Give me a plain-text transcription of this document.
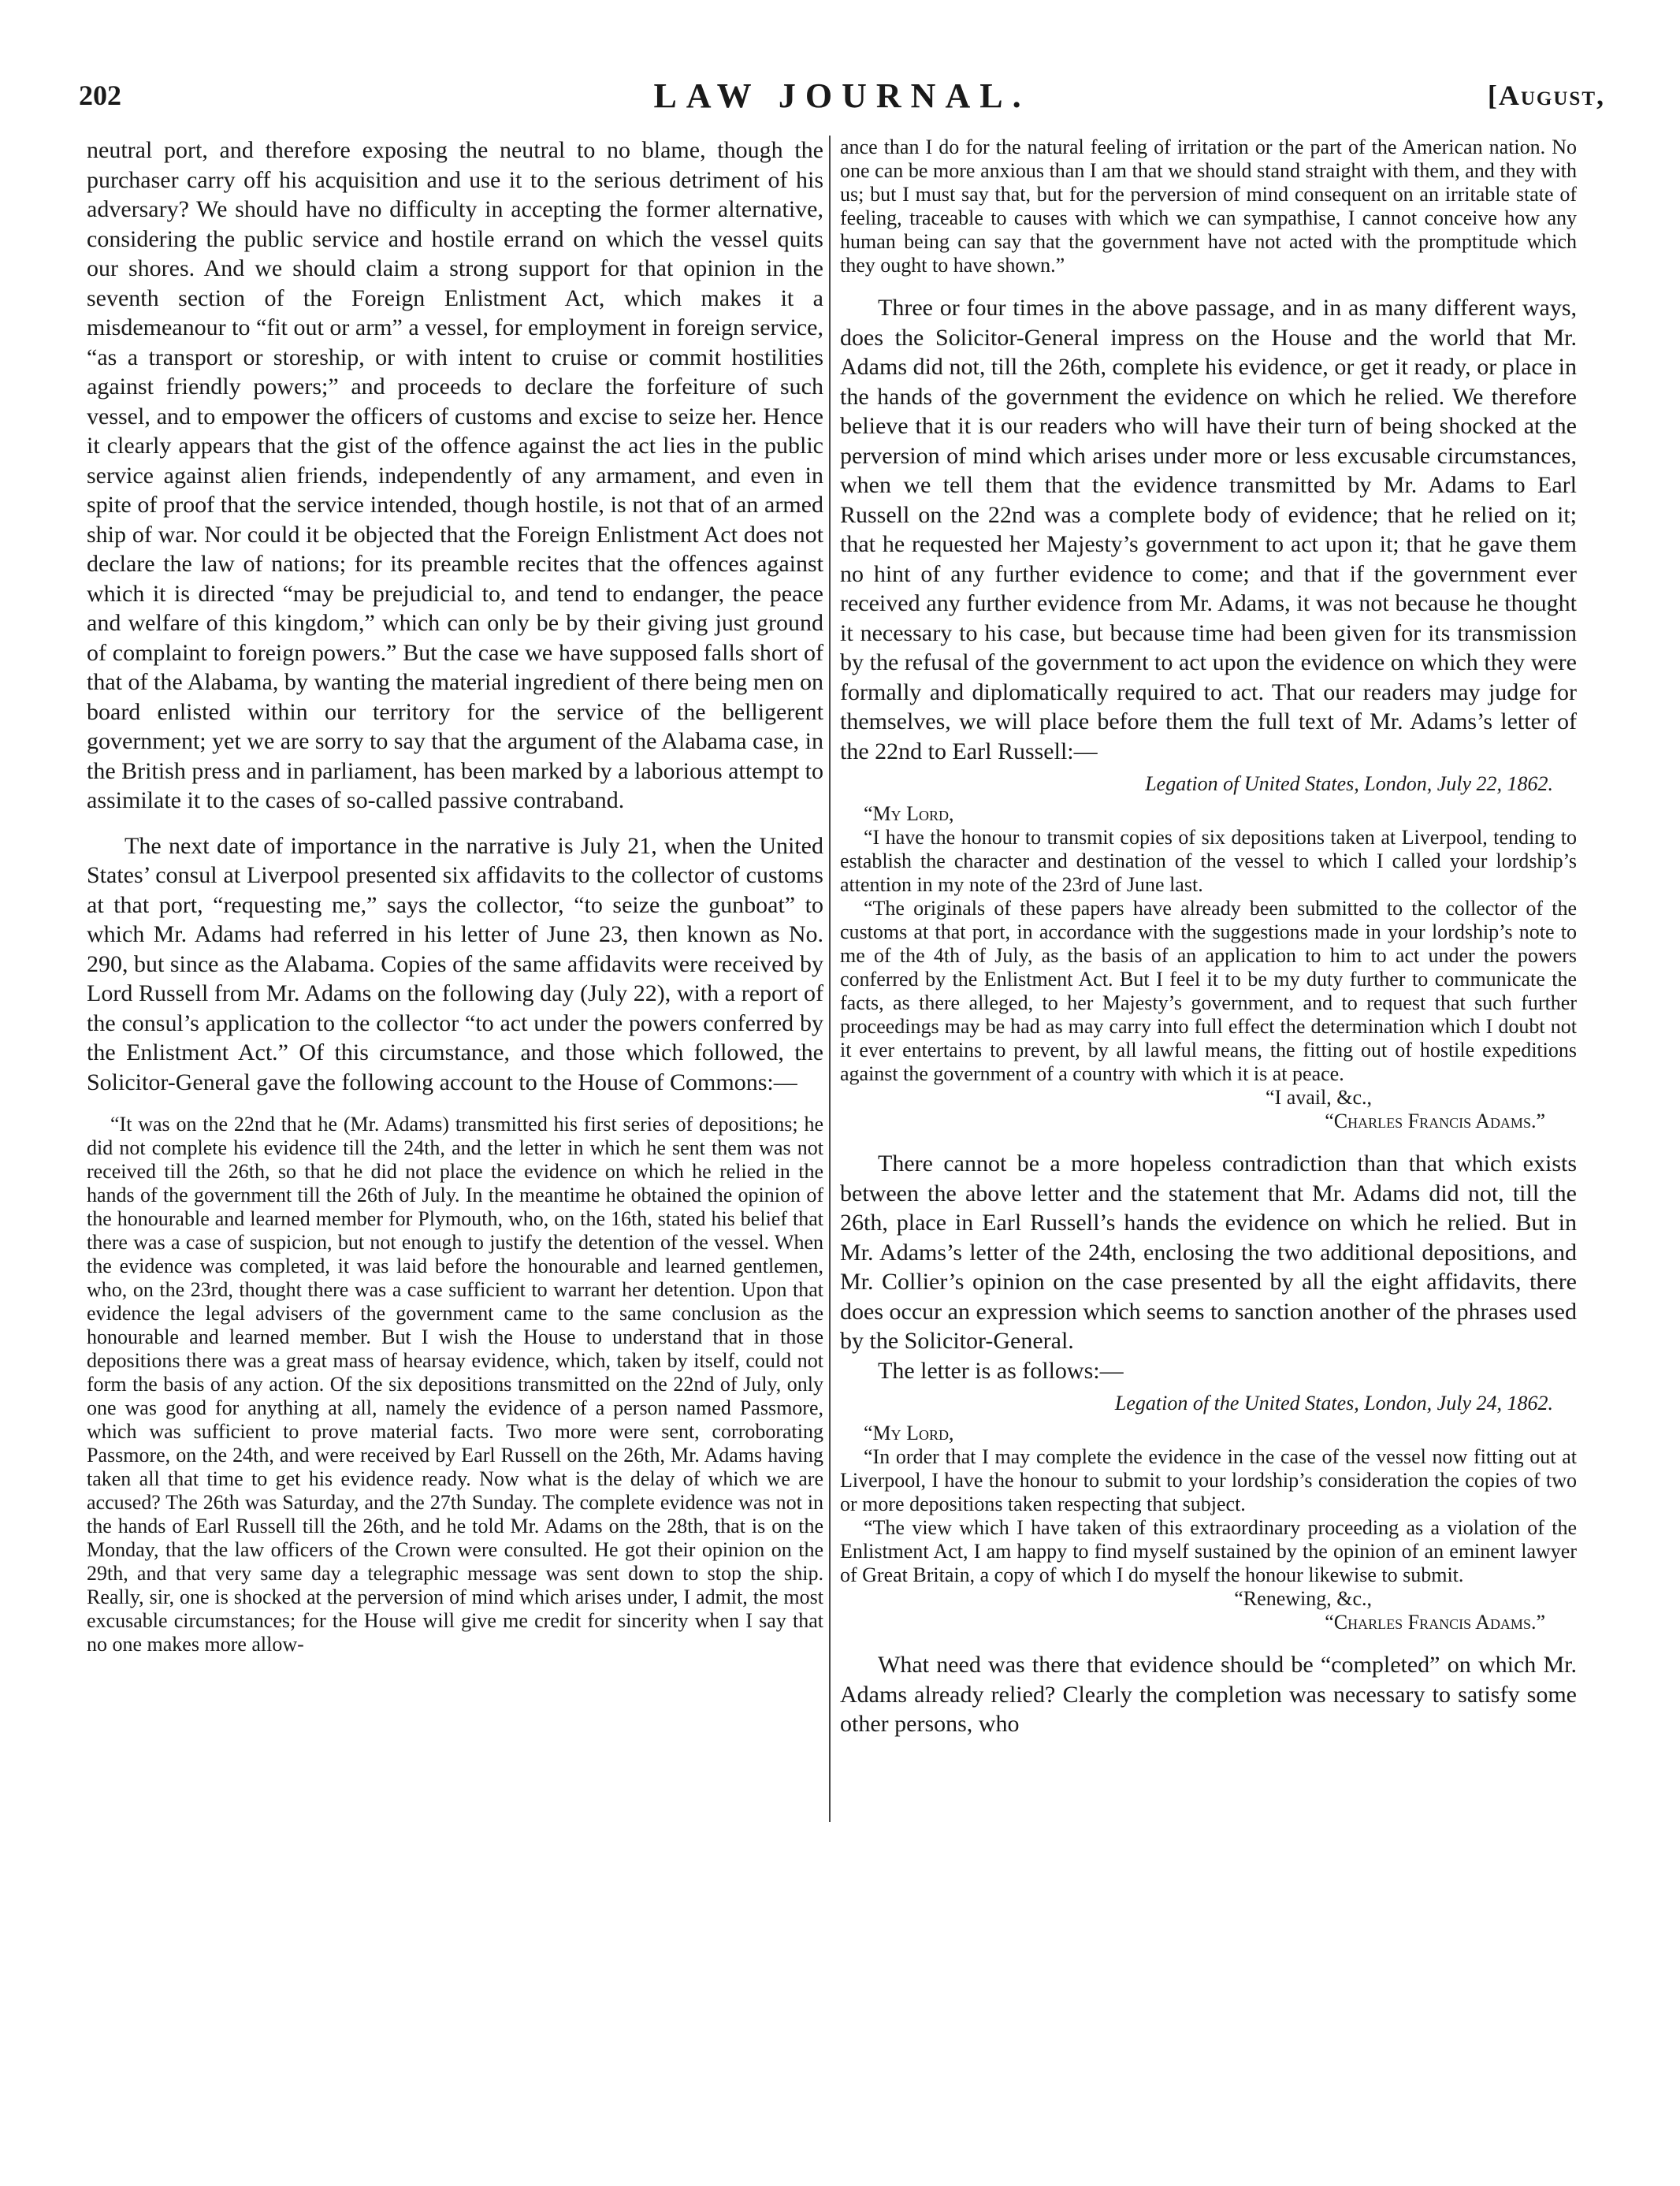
202	LAW JOURNAL.	[August,

neutral port, and therefore exposing the neutral to no blame, though the purchaser carry off his acquisition and use it to the serious detriment of his adversary? We should have no difficulty in accepting the former alternative, considering the public service and hostile errand on which the vessel quits our shores. And we should claim a strong support for that opinion in the seventh section of the Foreign Enlistment Act, which makes it a misdemeanour to “fit out or arm” a vessel, for employment in foreign service, “as a transport or storeship, or with intent to cruise or commit hostilities against friendly powers;” and proceeds to declare the forfeiture of such vessel, and to empower the officers of customs and excise to seize her. Hence it clearly appears that the gist of the offence against the act lies in the public service against alien friends, independently of any armament, and even in spite of proof that the service intended, though hostile, is not that of an armed ship of war. Nor could it be objected that the Foreign Enlistment Act does not declare the law of nations; for its preamble recites that the offences against which it is directed “may be prejudicial to, and tend to endanger, the peace and welfare of this kingdom,” which can only be by their giving just ground of complaint to foreign powers.” But the case we have supposed falls short of that of the Alabama, by wanting the material ingredient of there being men on board enlisted within our territory for the service of the belligerent government; yet we are sorry to say that the argument of the Alabama case, in the British press and in parliament, has been marked by a laborious attempt to assimilate it to the cases of so-called passive contraband.

The next date of importance in the narrative is July 21, when the United States’ consul at Liverpool presented six affidavits to the collector of customs at that port, “requesting me,” says the collector, “to seize the gunboat” to which Mr. Adams had referred in his letter of June 23, then known as No. 290, but since as the Alabama. Copies of the same affidavits were received by Lord Russell from Mr. Adams on the following day (July 22), with a report of the consul’s application to the collector “to act under the powers conferred by the Enlistment Act.” Of this circumstance, and those which followed, the Solicitor-General gave the following account to the House of Commons:—

“It was on the 22nd that he (Mr. Adams) transmitted his first series of depositions; he did not complete his evidence till the 24th, and the letter in which he sent them was not received till the 26th, so that he did not place the evidence on which he relied in the hands of the government till the 26th of July. In the meantime he obtained the opinion of the honourable and learned member for Plymouth, who, on the 16th, stated his belief that there was a case of suspicion, but not enough to justify the detention of the vessel. When the evidence was completed, it was laid before the honourable and learned gentlemen, who, on the 23rd, thought there was a case sufficient to warrant her detention. Upon that evidence the legal advisers of the government came to the same conclusion as the honourable and learned member. But I wish the House to understand that in those depositions there was a great mass of hearsay evidence, which, taken by itself, could not form the basis of any action. Of the six depositions transmitted on the 22nd of July, only one was good for anything at all, namely the evidence of a person named Passmore, which was sufficient to prove material facts. Two more were sent, corroborating Passmore, on the 24th, and were received by Earl Russell on the 26th, Mr. Adams having taken all that time to get his evidence ready. Now what is the delay of which we are accused? The 26th was Saturday, and the 27th Sunday. The complete evidence was not in the hands of Earl Russell till the 26th, and he told Mr. Adams on the 28th, that is on the Monday, that the law officers of the Crown were consulted. He got their opinion on the 29th, and that very same day a telegraphic message was sent down to stop the ship. Really, sir, one is shocked at the perversion of mind which arises under, I admit, the most excusable circumstances; for the House will give me credit for sincerity when I say that no one makes more allow-

ance than I do for the natural feeling of irritation or the part of the American nation. No one can be more anxious than I am that we should stand straight with them, and they with us; but I must say that, but for the perversion of mind consequent on an irritable state of feeling, traceable to causes with which we can sympathise, I cannot conceive how any human being can say that the government have not acted with the promptitude which they ought to have shown.”

Three or four times in the above passage, and in as many different ways, does the Solicitor-General impress on the House and the world that Mr. Adams did not, till the 26th, complete his evidence, or get it ready, or place in the hands of the government the evidence on which he relied. We therefore believe that it is our readers who will have their turn of being shocked at the perversion of mind which arises under more or less excusable circumstances, when we tell them that the evidence transmitted by Mr. Adams to Earl Russell on the 22nd was a complete body of evidence; that he relied on it; that he requested her Majesty’s government to act upon it; that he gave them no hint of any further evidence to come; and that if the government ever received any further evidence from Mr. Adams, it was not because he thought it necessary to his case, but because time had been given for its transmission by the refusal of the government to act upon the evidence on which they were formally and diplomatically required to act. That our readers may judge for themselves, we will place before them the full text of Mr. Adams’s letter of the 22nd to Earl Russell:—

Legation of United States, London, July 22, 1862.

“My Lord,

“I have the honour to transmit copies of six depositions taken at Liverpool, tending to establish the character and destination of the vessel to which I called your lordship’s attention in my note of the 23rd of June last.

“The originals of these papers have already been submitted to the collector of the customs at that port, in accordance with the suggestions made in your lordship’s note to me of the 4th of July, as the basis of an application to him to act under the powers conferred by the Enlistment Act. But I feel it to be my duty further to communicate the facts, as there alleged, to her Majesty’s government, and to request that such further proceedings may be had as may carry into full effect the determination which I doubt not it ever entertains to prevent, by all lawful means, the fitting out of hostile expeditions against the government of a country with which it is at peace.

“I avail, &c.,

“Charles Francis Adams.”

There cannot be a more hopeless contradiction than that which exists between the above letter and the statement that Mr. Adams did not, till the 26th, place in Earl Russell’s hands the evidence on which he relied. But in Mr. Adams’s letter of the 24th, enclosing the two additional depositions, and Mr. Collier’s opinion on the case presented by all the eight affidavits, there does occur an expression which seems to sanction another of the phrases used by the Solicitor-General.

The letter is as follows:—

Legation of the United States, London, July 24, 1862.

“My Lord,

“In order that I may complete the evidence in the case of the vessel now fitting out at Liverpool, I have the honour to submit to your lordship’s consideration the copies of two or more depositions taken respecting that subject.

“The view which I have taken of this extraordinary proceeding as a violation of the Enlistment Act, I am happy to find myself sustained by the opinion of an eminent lawyer of Great Britain, a copy of which I do myself the honour likewise to submit.

“Renewing, &c.,

“Charles Francis Adams.”

What need was there that evidence should be “completed” on which Mr. Adams already relied? Clearly the completion was necessary to satisfy some other persons, who
